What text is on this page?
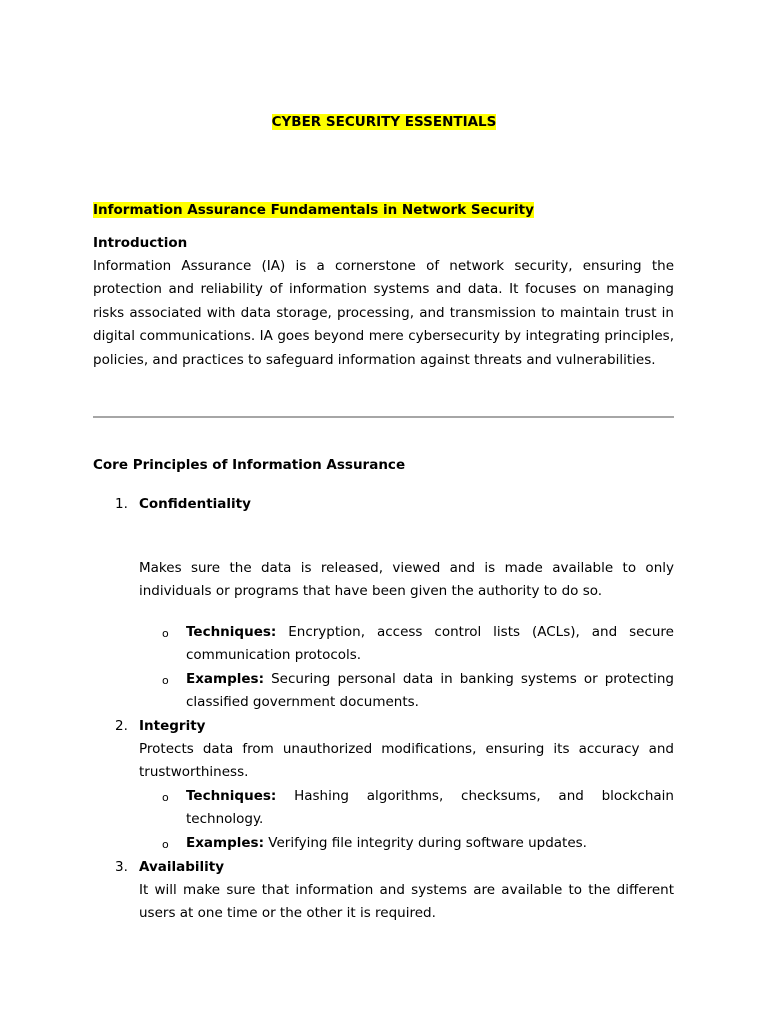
CYBER SECURITY ESSENTIALS
Information Assurance Fundamentals in Network Security
Introduction
Information Assurance (IA) is a cornerstone of network security, ensuring the protection and reliability of information systems and data. It focuses on managing risks associated with data storage, processing, and transmission to maintain trust in digital communications. IA goes beyond mere cybersecurity by integrating principles, policies, and practices to safeguard information against threats and vulnerabilities.
Core Principles of Information Assurance
1. Confidentiality
Makes sure the data is released, viewed and is made available to only individuals or programs that have been given the authority to do so.
o Techniques: Encryption, access control lists (ACLs), and secure communication protocols.
o Examples: Securing personal data in banking systems or protecting classified government documents.
2. Integrity
Protects data from unauthorized modifications, ensuring its accuracy and trustworthiness.
o Techniques: Hashing algorithms, checksums, and blockchain technology.
o Examples: Verifying file integrity during software updates.
3. Availability
It will make sure that information and systems are available to the different users at one time or the other it is required.
